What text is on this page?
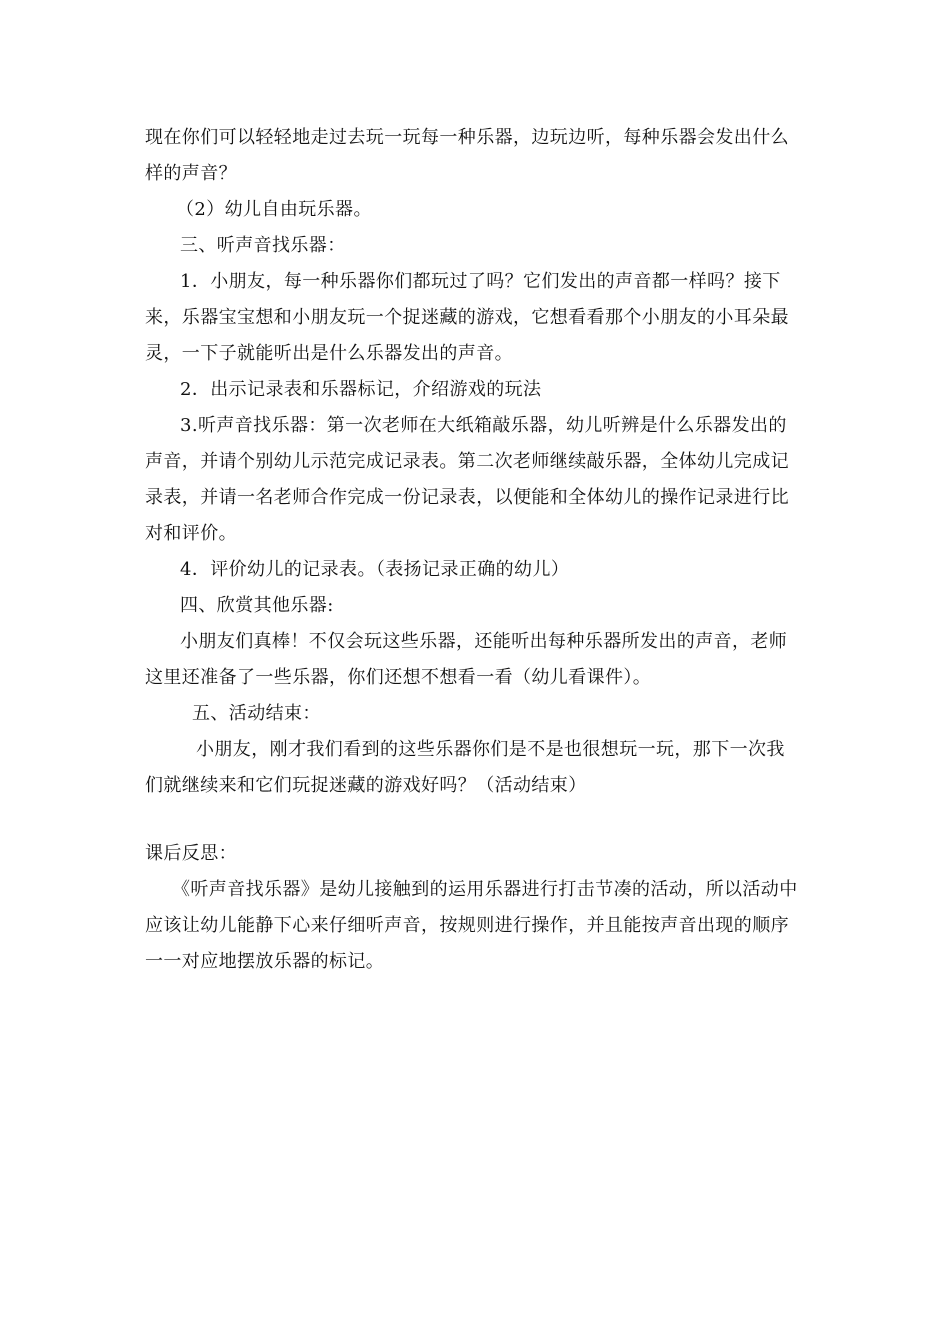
现在你们可以轻轻地走过去玩一玩每一种乐器，边玩边听，每种乐器会发出什么
样的声音？
（2）幼儿自由玩乐器。
三、听声音找乐器：
1．小朋友，每一种乐器你们都玩过了吗？它们发出的声音都一样吗？接下
来，乐器宝宝想和小朋友玩一个捉迷藏的游戏，它想看看那个小朋友的小耳朵最
灵，一下子就能听出是什么乐器发出的声音。
2．出示记录表和乐器标记，介绍游戏的玩法
3.听声音找乐器：第一次老师在大纸箱敲乐器，幼儿听辨是什么乐器发出的
声音，并请个别幼儿示范完成记录表。第二次老师继续敲乐器，全体幼儿完成记
录表，并请一名老师合作完成一份记录表，以便能和全体幼儿的操作记录进行比
对和评价。
4．评价幼儿的记录表。（表扬记录正确的幼儿）
四、欣赏其他乐器:
小朋友们真棒！不仅会玩这些乐器，还能听出每种乐器所发出的声音，老师
这里还准备了一些乐器，你们还想不想看一看（幼儿看课件）。
五、活动结束：
小朋友，刚才我们看到的这些乐器你们是不是也很想玩一玩，那下一次我
们就继续来和它们玩捉迷藏的游戏好吗？（活动结束）
课后反思：
《听声音找乐器》是幼儿接触到的运用乐器进行打击节凑的活动，所以活动中
应该让幼儿能静下心来仔细听声音，按规则进行操作，并且能按声音出现的顺序
一一对应地摆放乐器的标记。
